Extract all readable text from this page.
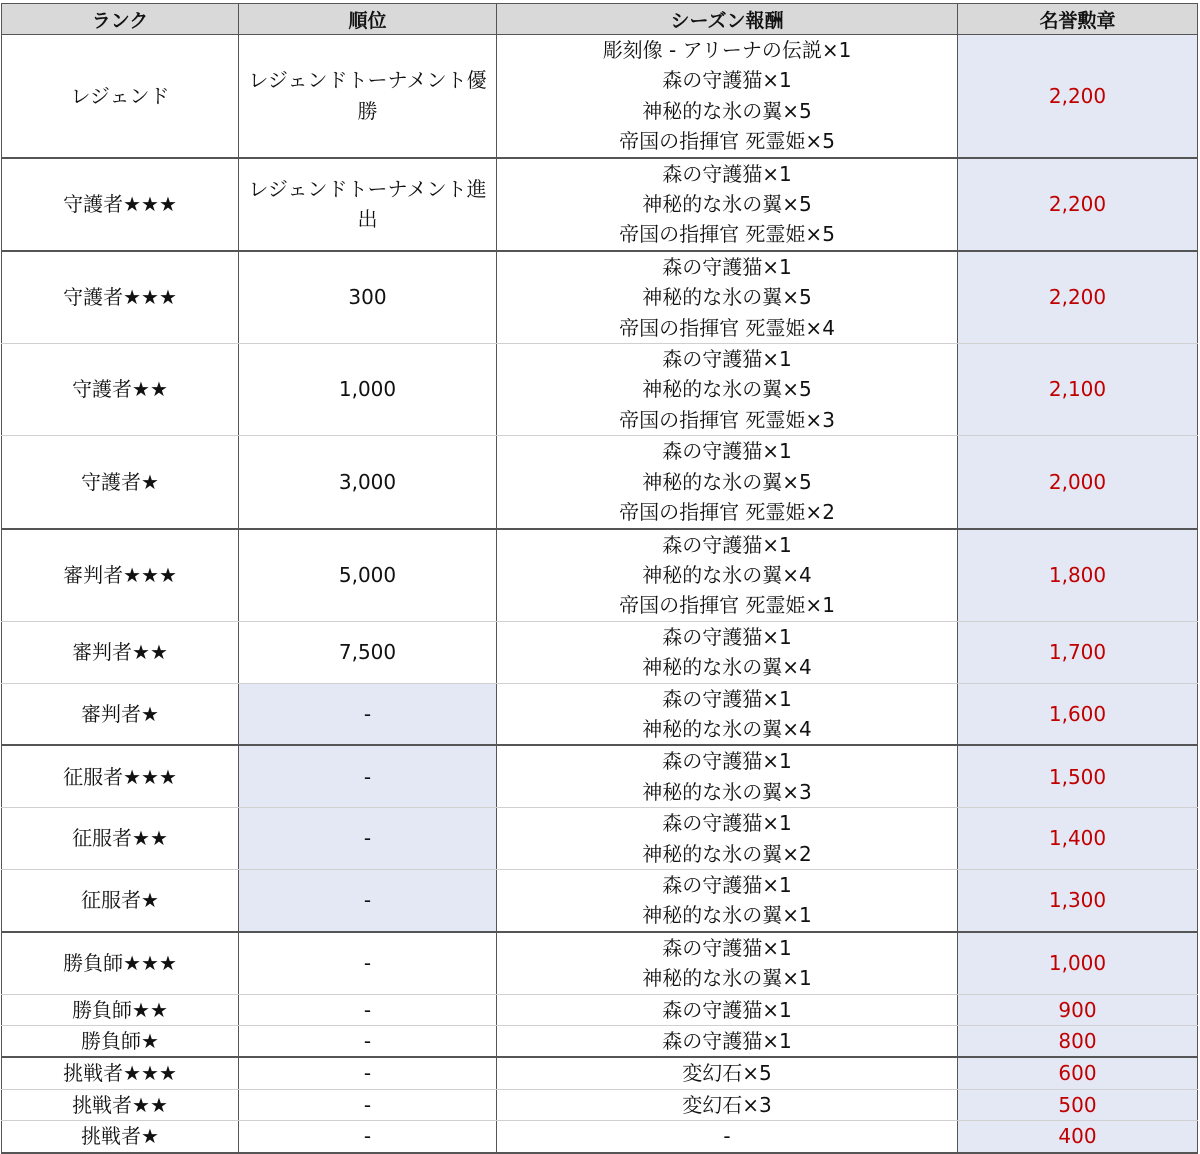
ランク	順位	シーズン報酬	名誉勲章
レジェンド	レジェンドトーナメント優勝	彫刻像 - アリーナの伝説×1
森の守護猫×1
神秘的な氷の翼×5
帝国の指揮官 死霊姫×5	2,200
守護者★★★	レジェンドトーナメント進出	森の守護猫×1
神秘的な氷の翼×5
帝国の指揮官 死霊姫×5	2,200
守護者★★★	300	森の守護猫×1
神秘的な氷の翼×5
帝国の指揮官 死霊姫×4	2,200
守護者★★	1,000	森の守護猫×1
神秘的な氷の翼×5
帝国の指揮官 死霊姫×3	2,100
守護者★	3,000	森の守護猫×1
神秘的な氷の翼×5
帝国の指揮官 死霊姫×2	2,000
審判者★★★	5,000	森の守護猫×1
神秘的な氷の翼×4
帝国の指揮官 死霊姫×1	1,800
審判者★★	7,500	森の守護猫×1
神秘的な氷の翼×4	1,700
審判者★	-	森の守護猫×1
神秘的な氷の翼×4	1,600
征服者★★★	-	森の守護猫×1
神秘的な氷の翼×3	1,500
征服者★★	-	森の守護猫×1
神秘的な氷の翼×2	1,400
征服者★	-	森の守護猫×1
神秘的な氷の翼×1	1,300
勝負師★★★	-	森の守護猫×1
神秘的な氷の翼×1	1,000
勝負師★★	-	森の守護猫×1	900
勝負師★	-	森の守護猫×1	800
挑戦者★★★	-	変幻石×5	600
挑戦者★★	-	変幻石×3	500
挑戦者★	-	-	400
